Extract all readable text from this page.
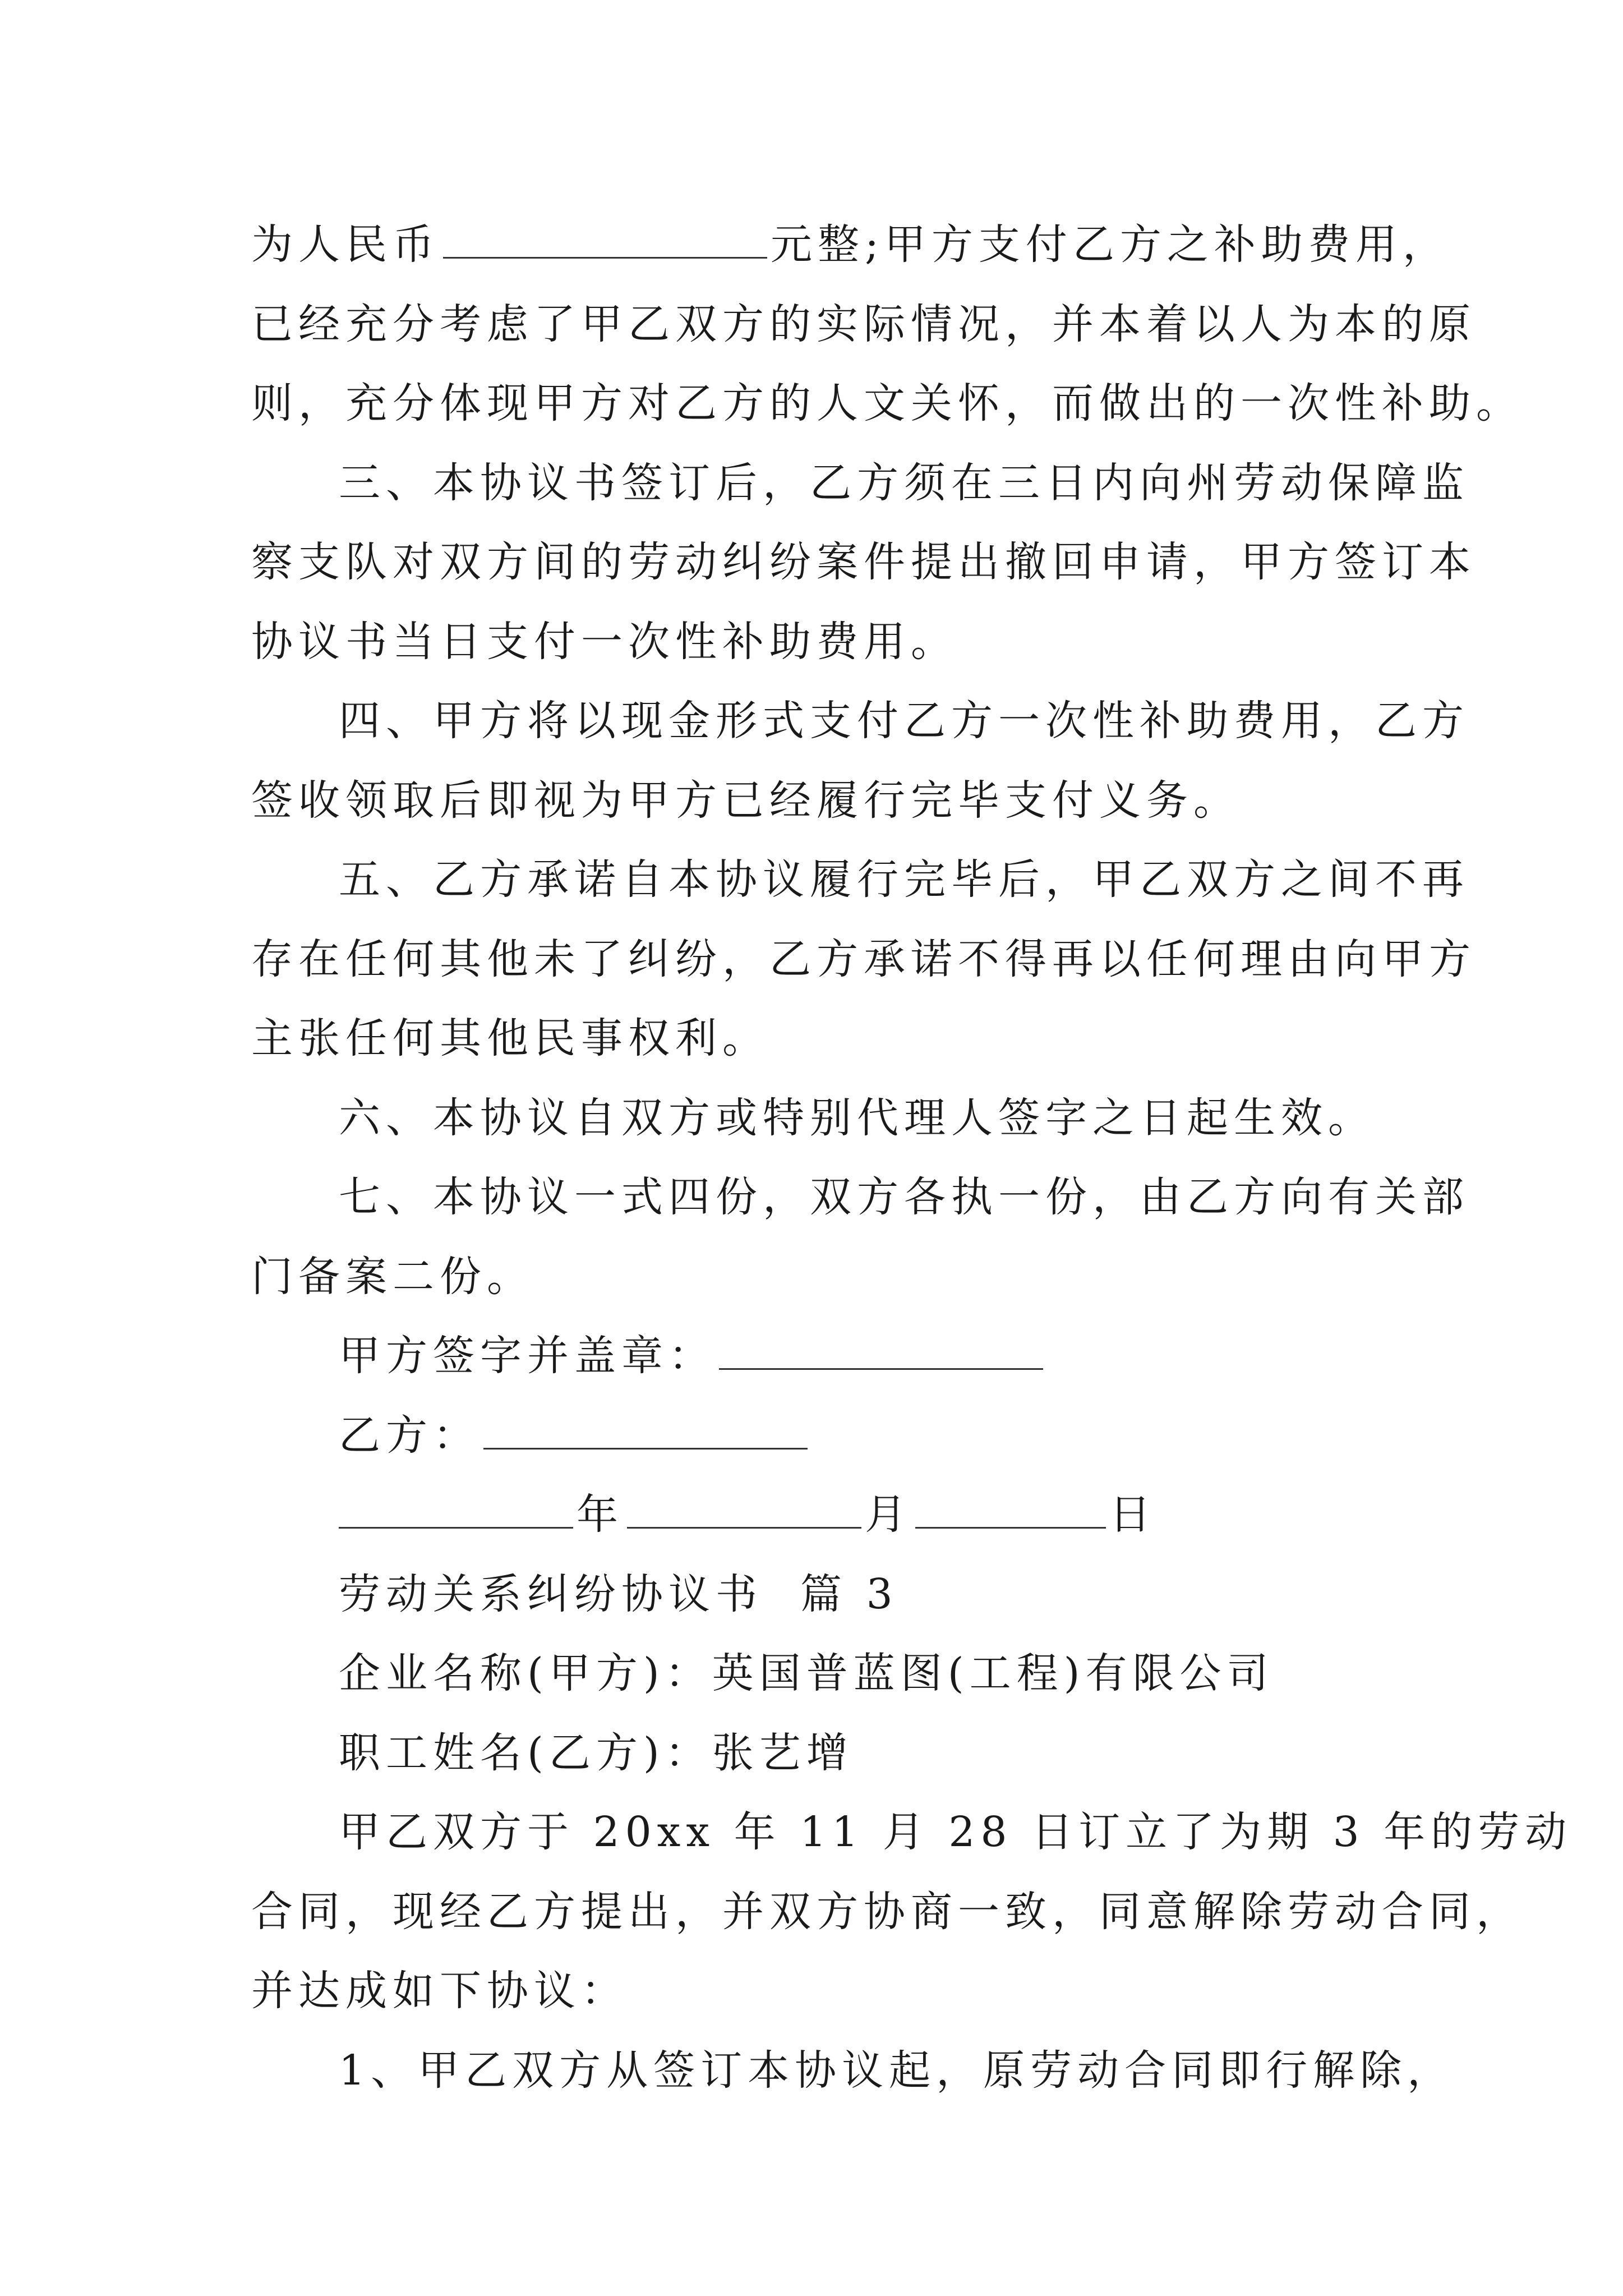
为人民币	元整;甲方支付乙方之补助费用，
已经充分考虑了甲乙双方的实际情况，并本着以人为本的原
则，充分体现甲方对乙方的人文关怀，而做出的一次性补助。
三、本协议书签订后，乙方须在三日内向州劳动保障监
察支队对双方间的劳动纠纷案件提出撤回申请，甲方签订本
协议书当日支付一次性补助费用。
四、甲方将以现金形式支付乙方一次性补助费用，乙方
签收领取后即视为甲方已经履行完毕支付义务。
五、乙方承诺自本协议履行完毕后，甲乙双方之间不再
存在任何其他未了纠纷，乙方承诺不得再以任何理由向甲方
主张任何其他民事权利。
六、本协议自双方或特别代理人签字之日起生效。
七、本协议一式四份，双方各执一份，由乙方向有关部
门备案二份。
甲方签字并盖章：
乙方：
年	月	日
劳动关系纠纷协议书  篇 3
企业名称(甲方)：英国普蓝图(工程)有限公司
职工姓名(乙方)：张艺增
甲乙双方于 20xx 年 11 月 28 日订立了为期 3 年的劳动
合同，现经乙方提出，并双方协商一致，同意解除劳动合同，
并达成如下协议：
1、甲乙双方从签订本协议起，原劳动合同即行解除，
